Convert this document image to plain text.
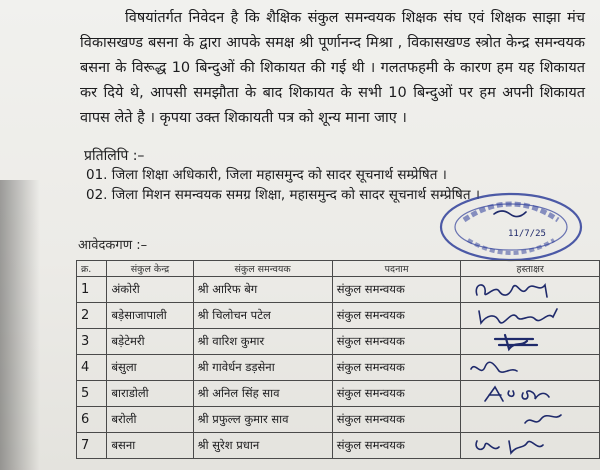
विषयांतर्गत निवेदन है कि शैक्षिक संकुल समन्वयक शिक्षक संघ एवं शिक्षक साझा मंच विकासखण्ड बसना के द्वारा आपके समक्ष श्री पूर्णानन्द मिश्रा , विकासखण्ड स्त्रोत केन्द्र समन्वयक बसना के विरूद्ध 10 बिन्दुओं की शिकायत की गई थी । गलतफहमी के कारण हम यह शिकायत कर दिये थे, आपसी समझौता के बाद शिकायत के सभी 10 बिन्दुओं पर हम अपनी शिकायत वापस लेते है । कृपया उक्त शिकायती पत्र को शून्य माना जाए ।

प्रतिलिपि :–
01. जिला शिक्षा अधिकारी, जिला महासमुन्द को सादर सूचनार्थ सम्प्रेषित ।
02. जिला मिशन समन्वयक समग्र शिक्षा, महासमुन्द को सादर सूचनार्थ सम्प्रेषित ।
11/7/25
आवेदकगण :–
क्र.	संकुल केन्द्र	संकुल समन्वयक	पदनाम	हस्ताक्षर
1	अंकोरी	श्री आरिफ बेग	संकुल समन्वयक	

2	बड़ेसाजापाली	श्री चिलोचन पटेल	संकुल समन्वयक	

3	बड़ेटेमरी	श्री वारिश कुमार	संकुल समन्वयक	

4	बंसुला	श्री गावेर्धन डड़सेना	संकुल समन्वयक	

5	बाराडोली	श्री अनिल सिंह साव	संकुल समन्वयक	

6	बरोली	श्री प्रफुल्ल कुमार साव	संकुल समन्वयक	

7	बसना	श्री सुरेश प्रधान	संकुल समन्वयक	
